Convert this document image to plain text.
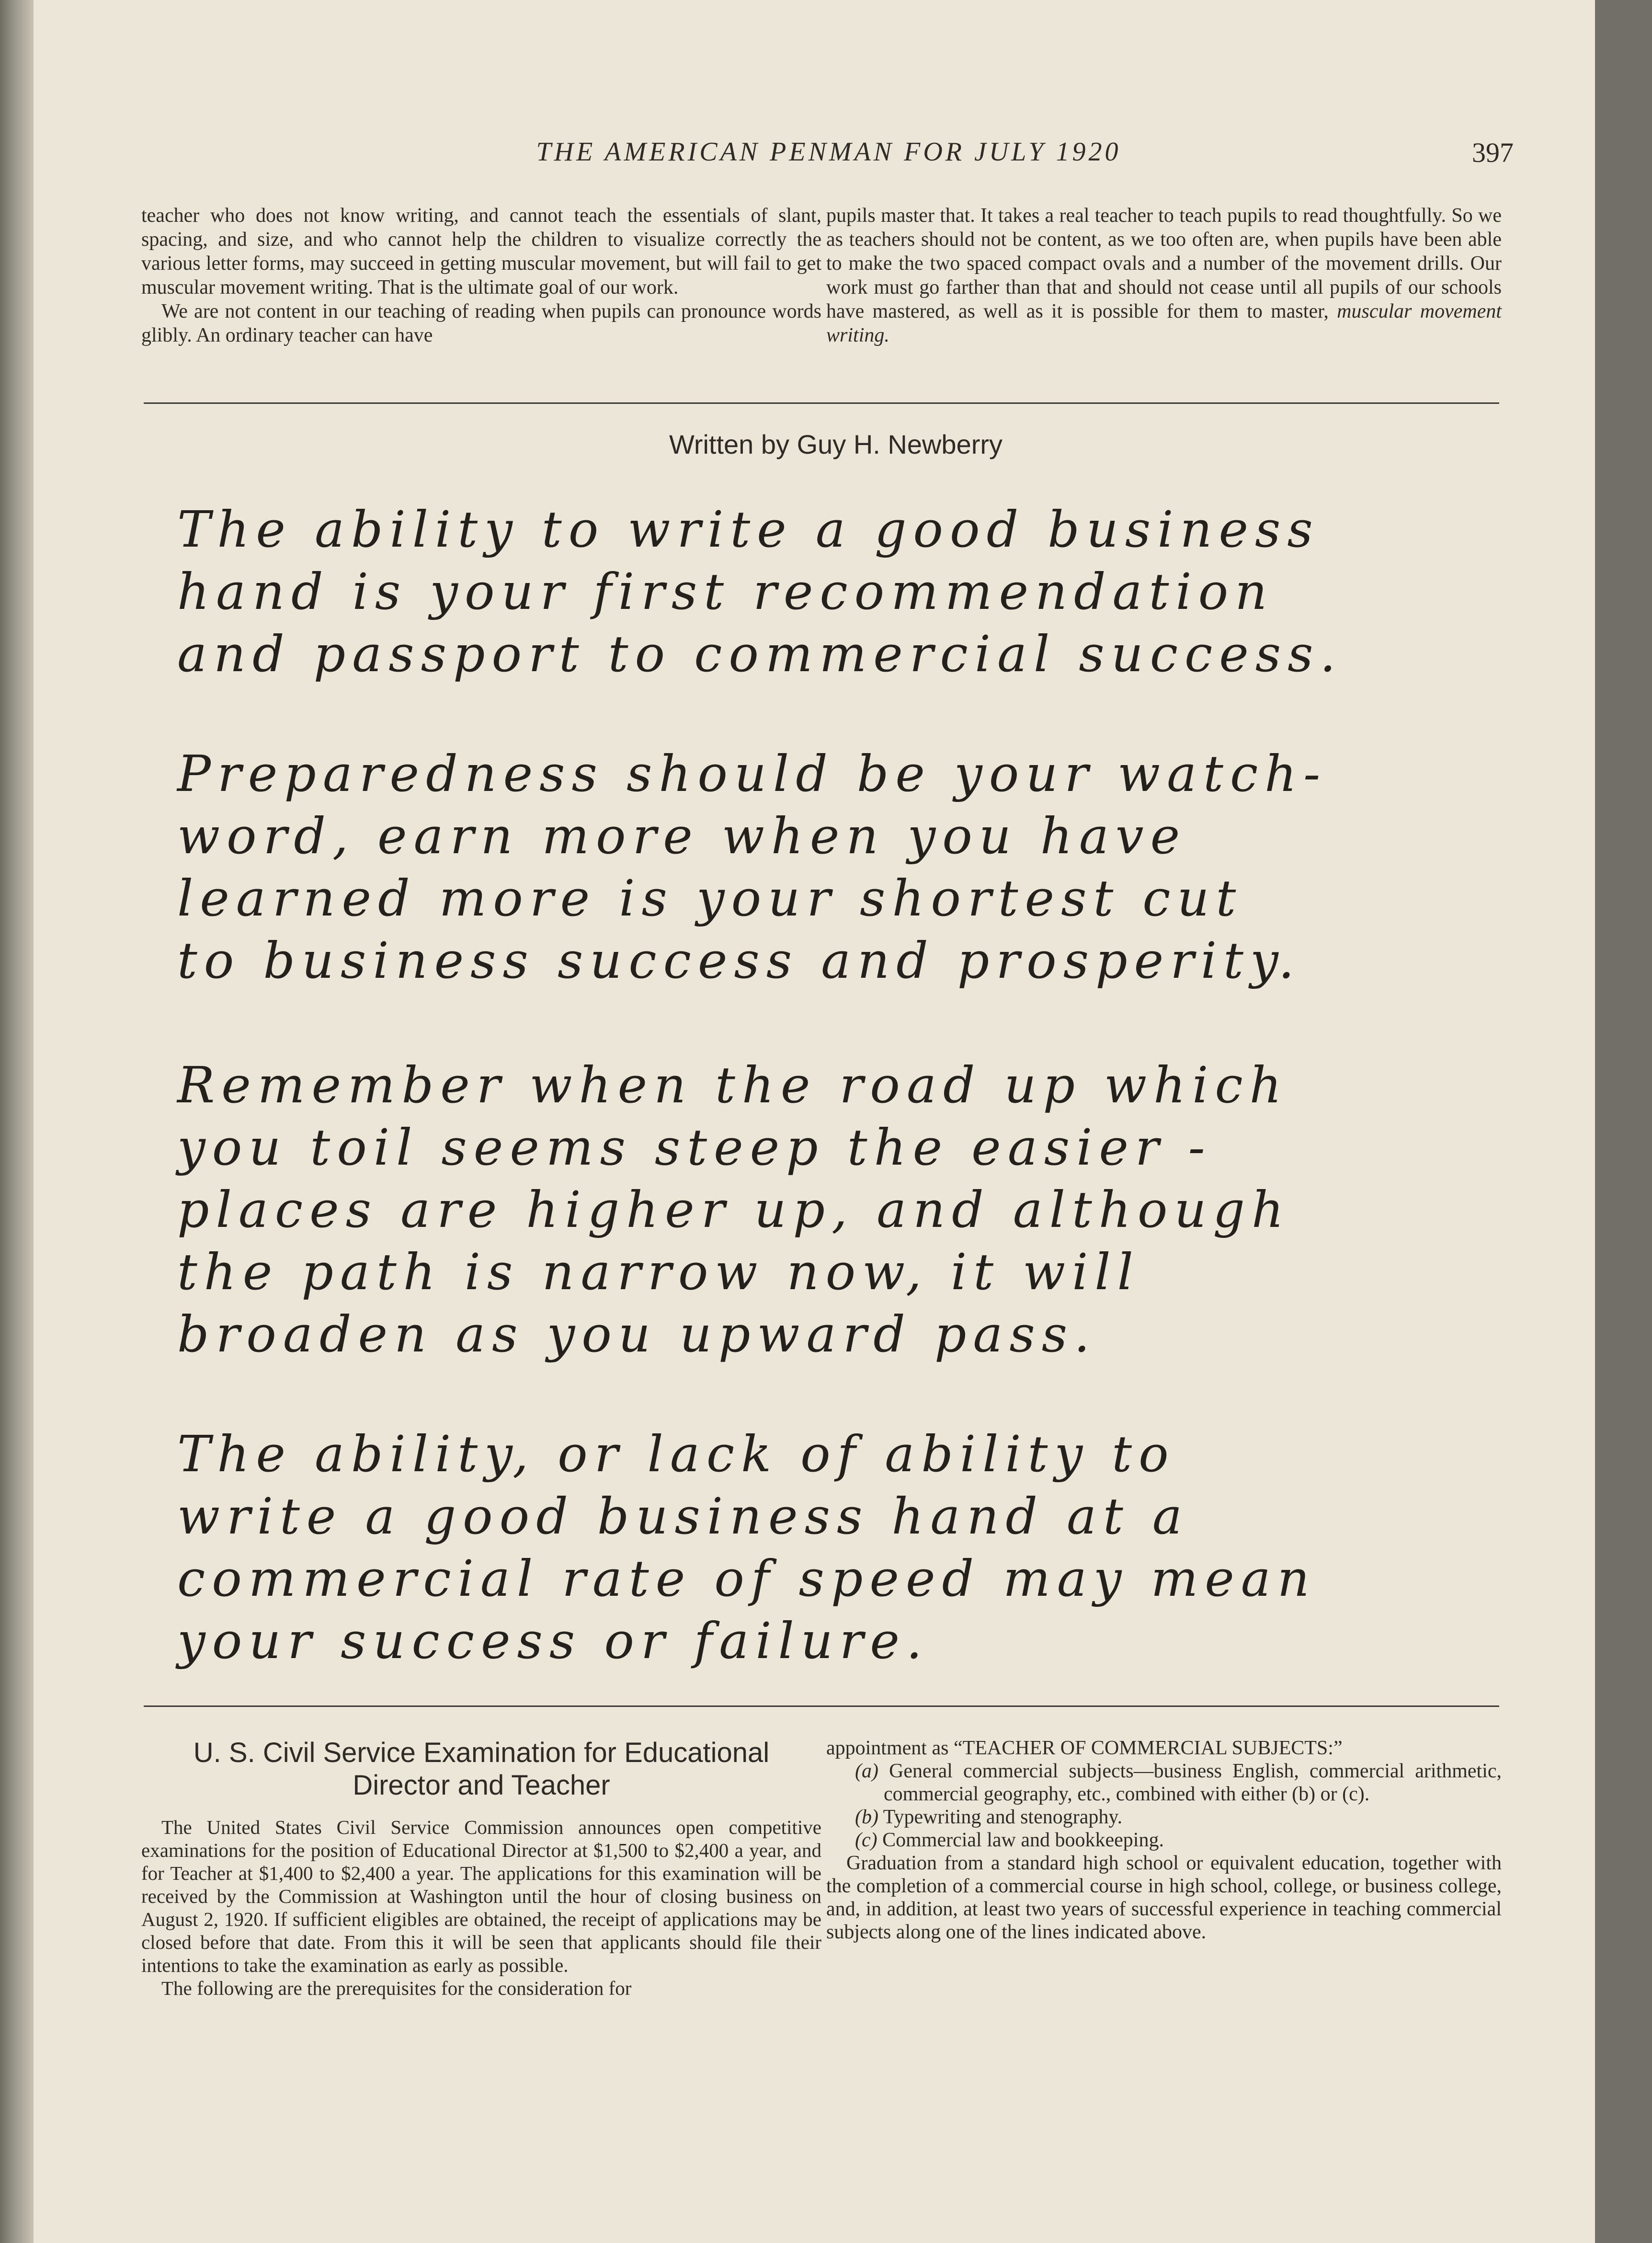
THE AMERICAN PENMAN FOR JULY 1920	397

teacher who does not know writing, and cannot teach the essentials of slant, spacing, and size, and who cannot help the children to visualize correctly the various letter forms, may succeed in getting muscular movement, but will fail to get muscular movement writing. That is the ultimate goal of our work.

We are not content in our teaching of reading when pupils can pronounce words glibly. An ordinary teacher can have

pupils master that. It takes a real teacher to teach pupils to read thoughtfully. So we as teachers should not be content, as we too often are, when pupils have been able to make the two spaced compact ovals and a number of the movement drills. Our work must go farther than that and should not cease until all pupils of our schools have mastered, as well as it is possible for them to master, muscular movement writing.

Written by Guy H. Newberry
The ability to write a good business
hand is your first recommendation
and passport to commercial success.
Preparedness should be your watch-
word, earn more when you have
learned more is your shortest cut
to business success and prosperity.
Remember when the road up which
you toil seems steep the easier -
places are higher up, and although
the path is narrow now, it will
broaden as you upward pass.
The ability, or lack of ability to
write a good business hand at a
commercial rate of speed may mean
your success or failure.
U. S. Civil Service Examination for Educational
Director and Teacher

The United States Civil Service Commission announces open competitive examinations for the position of Educational Director at $1,500 to $2,400 a year, and for Teacher at $1,400 to $2,400 a year. The applications for this examination will be received by the Commission at Washington until the hour of closing business on August 2, 1920. If sufficient eligibles are obtained, the receipt of applications may be closed before that date. From this it will be seen that applicants should file their intentions to take the examination as early as possible.

The following are the prerequisites for the consideration for

appointment as “TEACHER OF COMMERCIAL SUBJECTS:”

(a) General commercial subjects—business English, commercial arithmetic, commercial geography, etc., combined with either (b) or (c).

(b) Typewriting and stenography.

(c) Commercial law and bookkeeping.

Graduation from a standard high school or equivalent education, together with the completion of a commercial course in high school, college, or business college, and, in addition, at least two years of successful experience in teaching commercial subjects along one of the lines indicated above.
